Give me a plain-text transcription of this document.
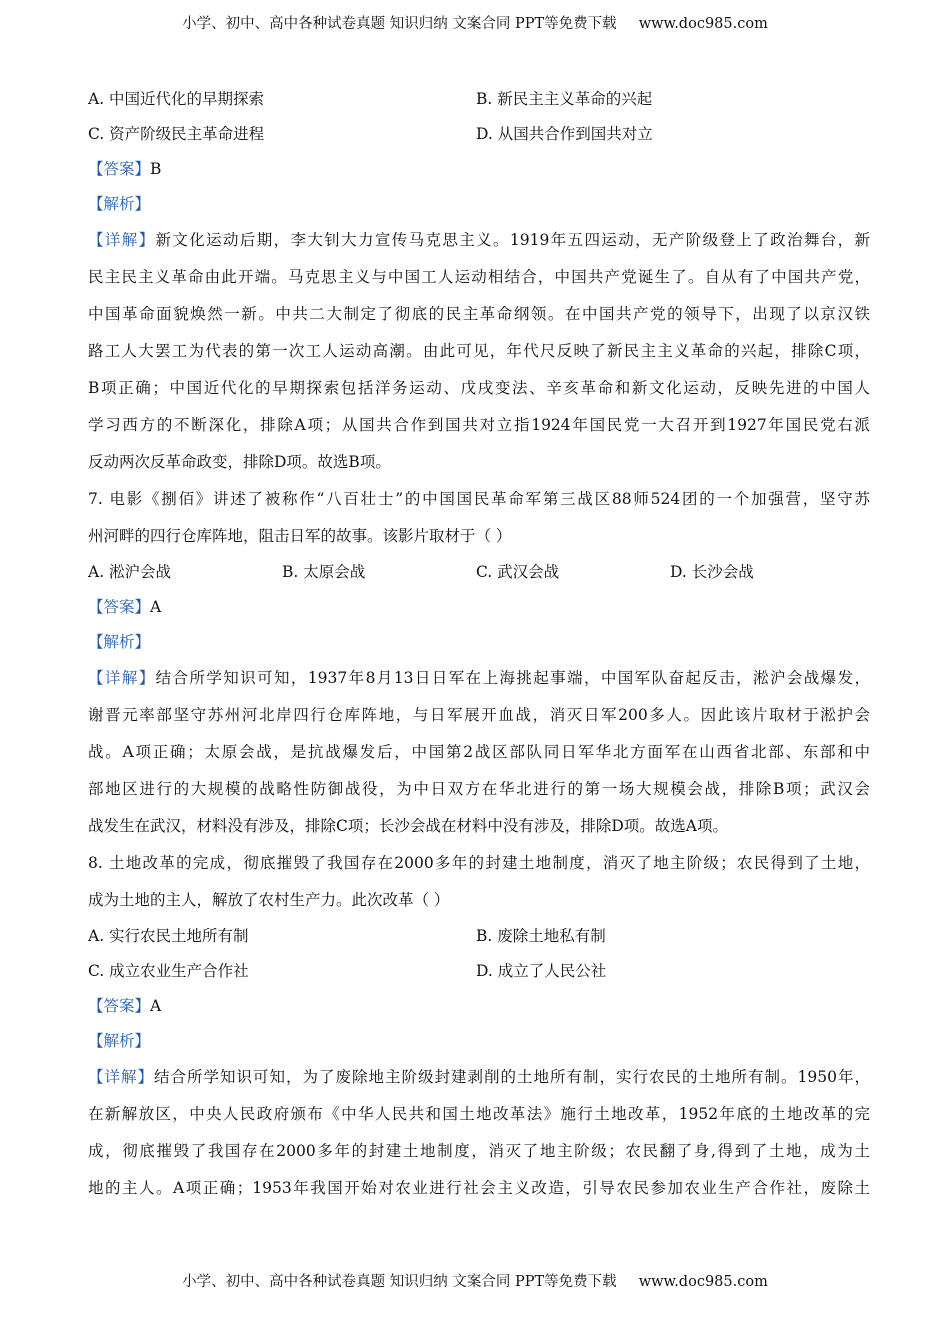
小学、初中、高中各种试卷真题 知识归纳 文案合同 PPT等免费下载 www.doc985.com
A. 中国近代化的早期探索	B. 新民主主义革命的兴起
C. 资产阶级民主革命进程	D. 从国共合作到国共对立
【答案】B
【解析】
【详解】新文化运动后期，李大钊大力宣传马克思主义。1919年五四运动，无产阶级登上了政治舞台，新
民主民主义革命由此开端。马克思主义与中国工人运动相结合，中国共产党诞生了。自从有了中国共产党，
中国革命面貌焕然一新。中共二大制定了彻底的民主革命纲领。在中国共产党的领导下，出现了以京汉铁
路工人大罢工为代表的第一次工人运动高潮。由此可见，年代尺反映了新民主主义革命的兴起，排除C项，
B项正确；中国近代化的早期探索包括洋务运动、戊戌变法、辛亥革命和新文化运动，反映先进的中国人
学习西方的不断深化，排除A项；从国共合作到国共对立指1924年国民党一大召开到1927年国民党右派
反动两次反革命政变，排除D项。故选B项。
7. 电影《捌佰》讲述了被称作“八百壮士”的中国国民革命军第三战区88师524团的一个加强营，坚守苏
州河畔的四行仓库阵地，阻击日军的故事。该影片取材于（ ）
A. 淞沪会战	B. 太原会战	C. 武汉会战	D. 长沙会战
【答案】A
【解析】
【详解】结合所学知识可知，1937年8月13日日军在上海挑起事端，中国军队奋起反击，淞沪会战爆发，
谢晋元率部坚守苏州河北岸四行仓库阵地，与日军展开血战，消灭日军200多人。因此该片取材于淞护会
战。A项正确；太原会战，是抗战爆发后，中国第2战区部队同日军华北方面军在山西省北部、东部和中
部地区进行的大规模的战略性防御战役，为中日双方在华北进行的第一场大规模会战，排除B项；武汉会
战发生在武汉，材料没有涉及，排除C项；长沙会战在材料中没有涉及，排除D项。故选A项。
8. 土地改革的完成，彻底摧毁了我国存在2000多年的封建土地制度，消灭了地主阶级；农民得到了土地，
成为土地的主人，解放了农村生产力。此次改革（ ）
A. 实行农民土地所有制	B. 废除土地私有制
C. 成立农业生产合作社	D. 成立了人民公社
【答案】A
【解析】
【详解】结合所学知识可知，为了废除地主阶级封建剥削的土地所有制，实行农民的土地所有制。1950年，
在新解放区，中央人民政府颁布《中华人民共和国土地改革法》施行土地改革，1952年底的土地改革的完
成，彻底摧毁了我国存在2000多年的封建土地制度，消灭了地主阶级；农民翻了身,得到了土地，成为土
地的主人。A项正确；1953年我国开始对农业进行社会主义改造，引导农民参加农业生产合作社，废除土
小学、初中、高中各种试卷真题 知识归纳 文案合同 PPT等免费下载 www.doc985.com
